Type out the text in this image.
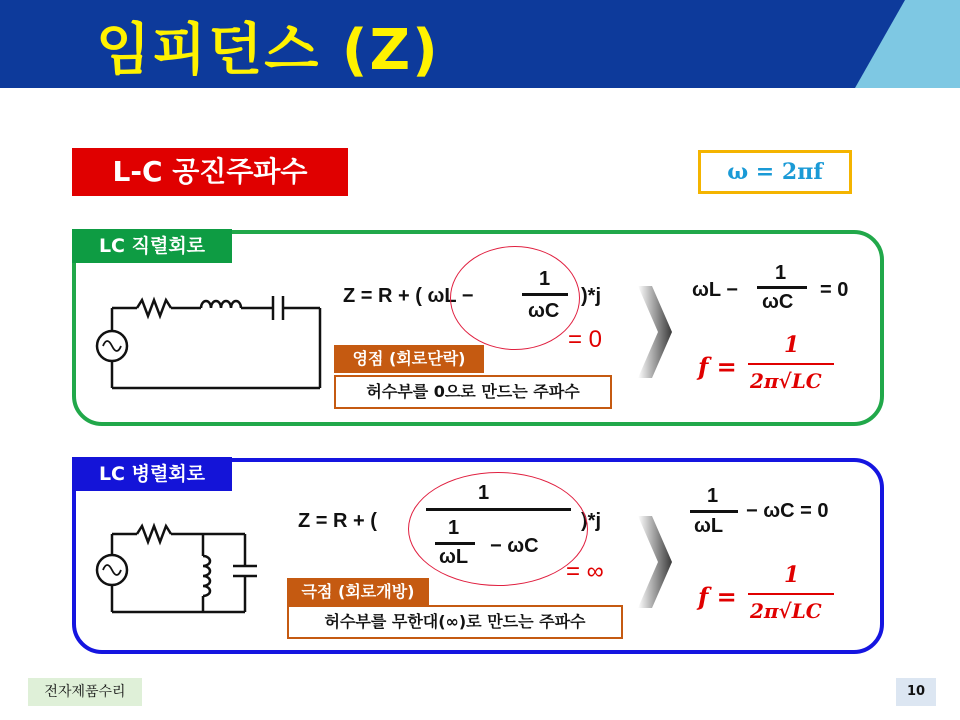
임피던스 (Z)
L-C 공진주파수	ω = 2πf
LC 직렬회로
Z = R + ( ωL −
1
ωC
)*j
= 0
영점 (회로단락)
허수부를 0으로 만드는 주파수
ωL −
1
ωC
= 0
f =
1
2π√LC
LC 병렬회로
Z = R + (
1
1
ωL − ωC
)*j
= ∞
극점 (회로개방)
허수부를 무한대(∞)로 만드는 주파수
1
ωL
− ωC = 0
f =
1
2π√LC
전자제품수리	10
